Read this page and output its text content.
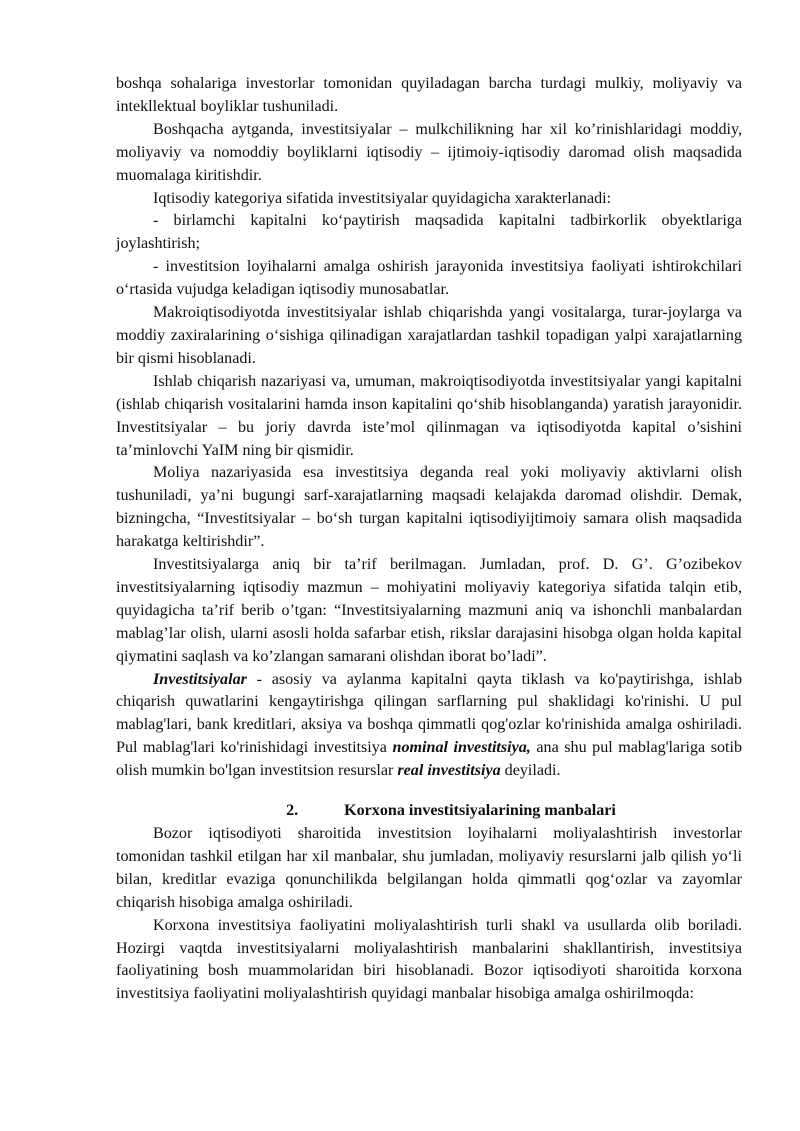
boshqa sohalariga investorlar tomonidan quyiladagan barcha turdagi mulkiy, moliyaviy va intekllektual boyliklar tushuniladi.

Boshqacha aytganda, investitsiyalar – mulkchilikning har xil ko’rinishlaridagi moddiy, moliyaviy va nomoddiy boyliklarni iqtisodiy – ijtimoiy-iqtisodiy daromad olish maqsadida muomalaga kiritishdir.

Iqtisodiy kategoriya sifatida investitsiyalar quyidagicha xarakterlanadi:

- birlamchi kapitalni ko‘paytirish maqsadida kapitalni tadbirkorlik obyektlariga joylashtirish;

- investitsion loyihalarni amalga oshirish jarayonida investitsiya faoliyati ishtirokchilari o‘rtasida vujudga keladigan iqtisodiy munosabatlar.

Makroiqtisodiyotda investitsiyalar ishlab chiqarishda yangi vositalarga, turar-joylarga va moddiy zaxiralarining o‘sishiga qilinadigan xarajatlardan tashkil topadigan yalpi xarajatlarning bir qismi hisoblanadi.

Ishlab chiqarish nazariyasi va, umuman, makroiqtisodiyotda investitsiyalar yangi kapitalni (ishlab chiqarish vositalarini hamda inson kapitalini qo‘shib hisoblanganda) yaratish jarayonidir. Investitsiyalar – bu joriy davrda iste’mol qilinmagan va iqtisodiyotda kapital o’sishini ta’minlovchi YaIM ning bir qismidir.

Moliya nazariyasida esa investitsiya deganda real yoki moliyaviy aktivlarni olish tushuniladi, ya’ni bugungi sarf-xarajatlarning maqsadi kelajakda daromad olishdir. Demak, bizningcha, “Investitsiyalar – bo‘sh turgan kapitalni iqtisodiyijtimoiy samara olish maqsadida harakatga keltirishdir”.

Investitsiyalarga aniq bir ta’rif berilmagan. Jumladan, prof. D. G’. G’ozibekov investitsiyalarning iqtisodiy mazmun – mohiyatini moliyaviy kategoriya sifatida talqin etib, quyidagicha ta’rif berib o’tgan: “Investitsiyalarning mazmuni aniq va ishonchli manbalardan mablag’lar olish, ularni asosli holda safarbar etish, rikslar darajasini hisobga olgan holda kapital qiymatini saqlash va ko’zlangan samarani olishdan iborat bo’ladi”.

Investitsiyalar - asosiy va aylanma kapitalni qayta tiklash va ko'paytirishga, ishlab chiqarish quwatlarini kengaytirishga qilingan sarflarning pul shaklidagi ko'rinishi. U pul mablag'lari, bank kreditlari, aksiya va boshqa qimmatli qog'ozlar ko'rinishida amalga oshiriladi. Pul mablag'lari ko'rinishidagi investitsiya nominal investitsiya, ana shu pul mablag'lariga sotib olish mumkin bo'lgan investitsion resurslar real investitsiya deyiladi.

2.	Korxona investitsiyalarining manbalari

Bozor iqtisodiyoti sharoitida investitsion loyihalarni moliyalashtirish investorlar tomonidan tashkil etilgan har xil manbalar, shu jumladan, moliyaviy resurslarni jalb qilish yo‘li bilan, kreditlar evaziga qonunchilikda belgilangan holda qimmatli qog‘ozlar va zayomlar chiqarish hisobiga amalga oshiriladi.

Korxona investitsiya faoliyatini moliyalashtirish turli shakl va usullarda olib boriladi. Hozirgi vaqtda investitsiyalarni moliyalashtirish manbalarini shakllantirish, investitsiya faoliyatining bosh muammolaridan biri hisoblanadi. Bozor iqtisodiyoti sharoitida korxona investitsiya faoliyatini moliyalashtirish quyidagi manbalar hisobiga amalga oshirilmoqda:
